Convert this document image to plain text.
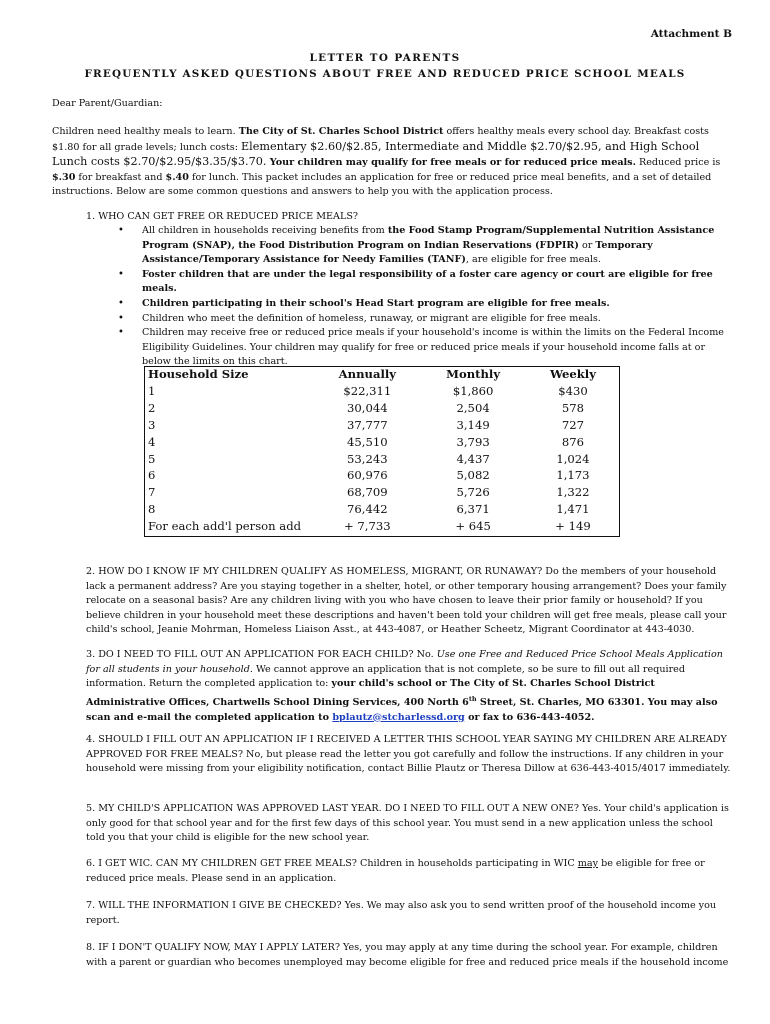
Attachment B
LETTER TO PARENTS
FREQUENTLY ASKED QUESTIONS ABOUT FREE AND REDUCED PRICE SCHOOL MEALS

Dear Parent/Guardian:

Children need healthy meals to learn. The City of St. Charles School District offers healthy meals every school day. Breakfast costs $1.80 for all grade levels; lunch costs: Elementary $2.60/$2.85, Intermediate and Middle $2.70/$2.95, and High School Lunch costs $2.70/$2.95/$3.35/$3.70. Your children may qualify for free meals or for reduced price meals. Reduced price is $.30 for breakfast and $.40 for lunch. This packet includes an application for free or reduced price meal benefits, and a set of detailed instructions. Below are some common questions and answers to help you with the application process.

1. WHO CAN GET FREE OR REDUCED PRICE MEALS?

• All children in households receiving benefits from the Food Stamp Program/Supplemental Nutrition Assistance Program (SNAP), the Food Distribution Program on Indian Reservations (FDPIR) or Temporary Assistance/Temporary Assistance for Needy Families (TANF), are eligible for free meals.
• Foster children that are under the legal responsibility of a foster care agency or court are eligible for free meals.
• Children participating in their school's Head Start program are eligible for free meals.
• Children who meet the definition of homeless, runaway, or migrant are eligible for free meals.
• Children may receive free or reduced price meals if your household's income is within the limits on the Federal Income Eligibility Guidelines. Your children may qualify for free or reduced price meals if your household income falls at or below the limits on this chart.
Household Size	Annually	Monthly	Weekly
1	$22,311	$1,860	$430
2	30,044	2,504	578
3	37,777	3,149	727
4	45,510	3,793	876
5	53,243	4,437	1,024
6	60,976	5,082	1,173
7	68,709	5,726	1,322
8	76,442	6,371	1,471
For each add'l person add	+ 7,733	+ 645	+ 149

2. HOW DO I KNOW IF MY CHILDREN QUALIFY AS HOMELESS, MIGRANT, OR RUNAWAY? Do the members of your household lack a permanent address? Are you staying together in a shelter, hotel, or other temporary housing arrangement? Does your family relocate on a seasonal basis? Are any children living with you who have chosen to leave their prior family or household? If you believe children in your household meet these descriptions and haven't been told your children will get free meals, please call your child's school, Jeanie Mohrman, Homeless Liaison Asst., at 443-4087, or Heather Scheetz, Migrant Coordinator at 443-4030.

3. DO I NEED TO FILL OUT AN APPLICATION FOR EACH CHILD? No. Use one Free and Reduced Price School Meals Application for all students in your household. We cannot approve an application that is not complete, so be sure to fill out all required information. Return the completed application to: your child's school or The City of St. Charles School District Administrative Offices, Chartwells School Dining Services, 400 North 6th Street, St. Charles, MO 63301. You may also scan and e-mail the completed application to bplautz@stcharlessd.org or fax to 636-443-4052.

4. SHOULD I FILL OUT AN APPLICATION IF I RECEIVED A LETTER THIS SCHOOL YEAR SAYING MY CHILDREN ARE ALREADY APPROVED FOR FREE MEALS? No, but please read the letter you got carefully and follow the instructions. If any children in your household were missing from your eligibility notification, contact Billie Plautz or Theresa Dillow at 636-443-4015/4017 immediately.

5. MY CHILD'S APPLICATION WAS APPROVED LAST YEAR. DO I NEED TO FILL OUT A NEW ONE? Yes. Your child's application is only good for that school year and for the first few days of this school year. You must send in a new application unless the school told you that your child is eligible for the new school year.

6. I GET WIC. CAN MY CHILDREN GET FREE MEALS? Children in households participating in WIC may be eligible for free or reduced price meals. Please send in an application.

7. WILL THE INFORMATION I GIVE BE CHECKED? Yes. We may also ask you to send written proof of the household income you report.

8. IF I DON'T QUALIFY NOW, MAY I APPLY LATER? Yes, you may apply at any time during the school year. For example, children with a parent or guardian who becomes unemployed may become eligible for free and reduced price meals if the household income
